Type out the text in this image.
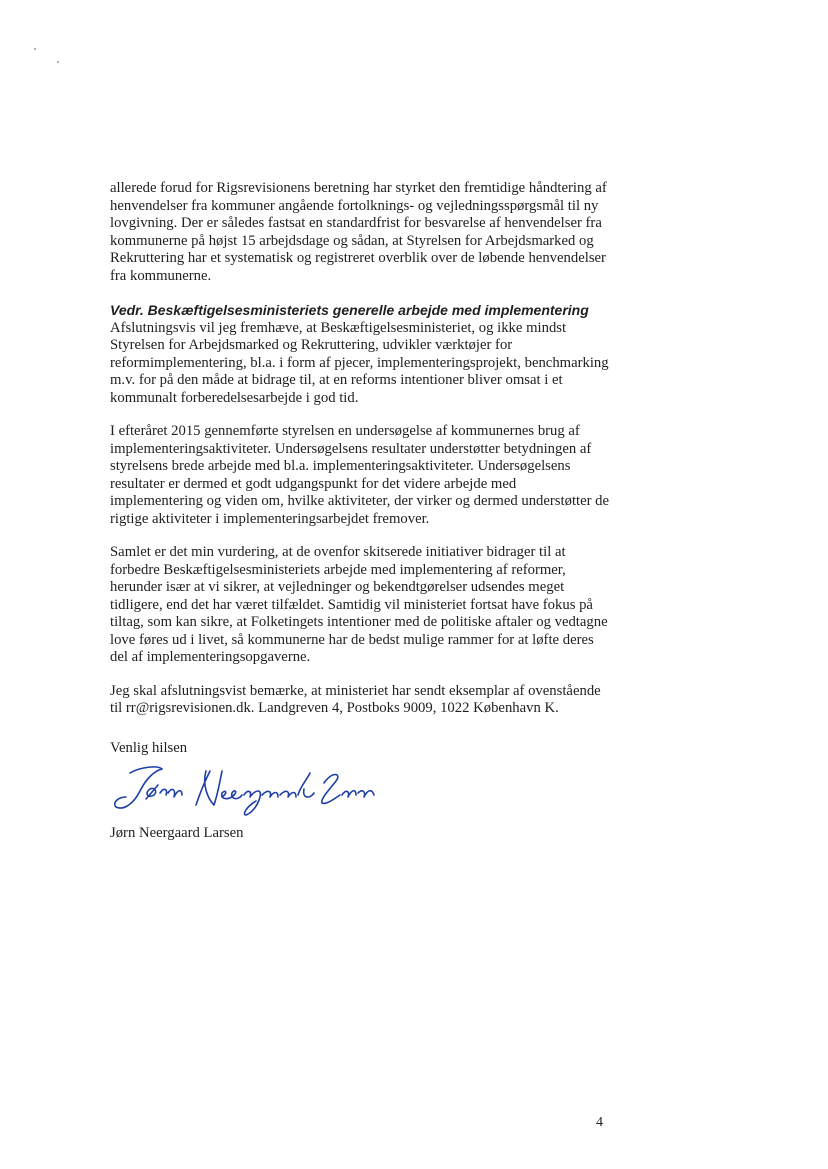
allerede forud for Rigsrevisionens beretning har styrket den fremtidige håndtering af henvendelser fra kommuner angående fortolknings- og vejledningsspørgsmål til ny lovgivning. Der er således fastsat en standardfrist for besvarelse af henvendelser fra kommunerne på højst 15 arbejdsdage og sådan, at Styrelsen for Arbejdsmarked og Rekruttering har et systematisk og registreret overblik over de løbende henvendelser fra kommunerne.

Vedr. Beskæftigelsesministeriets generelle arbejde med implementering

Afslutningsvis vil jeg fremhæve, at Beskæftigelsesministeriet, og ikke mindst Styrelsen for Arbejdsmarked og Rekruttering, udvikler værktøjer for reformimplementering, bl.a. i form af pjecer, implementeringsprojekt, benchmarking m.v. for på den måde at bidrage til, at en reforms intentioner bliver omsat i et kommunalt forberedelsesarbejde i god tid.

I efteråret 2015 gennemførte styrelsen en undersøgelse af kommunernes brug af implementeringsaktiviteter. Undersøgelsens resultater understøtter betydningen af styrelsens brede arbejde med bl.a. implementeringsaktiviteter. Undersøgelsens resultater er dermed et godt udgangspunkt for det videre arbejde med implementering og viden om, hvilke aktiviteter, der virker og dermed understøtter de rigtige aktiviteter i implementeringsarbejdet fremover.

Samlet er det min vurdering, at de ovenfor skitserede initiativer bidrager til at forbedre Beskæftigelsesministeriets arbejde med implementering af reformer, herunder især at vi sikrer, at vejledninger og bekendtgørelser udsendes meget tidligere, end det har været tilfældet. Samtidig vil ministeriet fortsat have fokus på tiltag, som kan sikre, at Folketingets intentioner med de politiske aftaler og vedtagne love føres ud i livet, så kommunerne har de bedst mulige rammer for at løfte deres del af implementeringsopgaverne.

Jeg skal afslutningsvist bemærke, at ministeriet har sendt eksemplar af ovenstående til rr@rigsrevisionen.dk. Landgreven 4, Postboks 9009, 1022 København K.

Venlig hilsen
Jørn Neergaard Larsen
4
